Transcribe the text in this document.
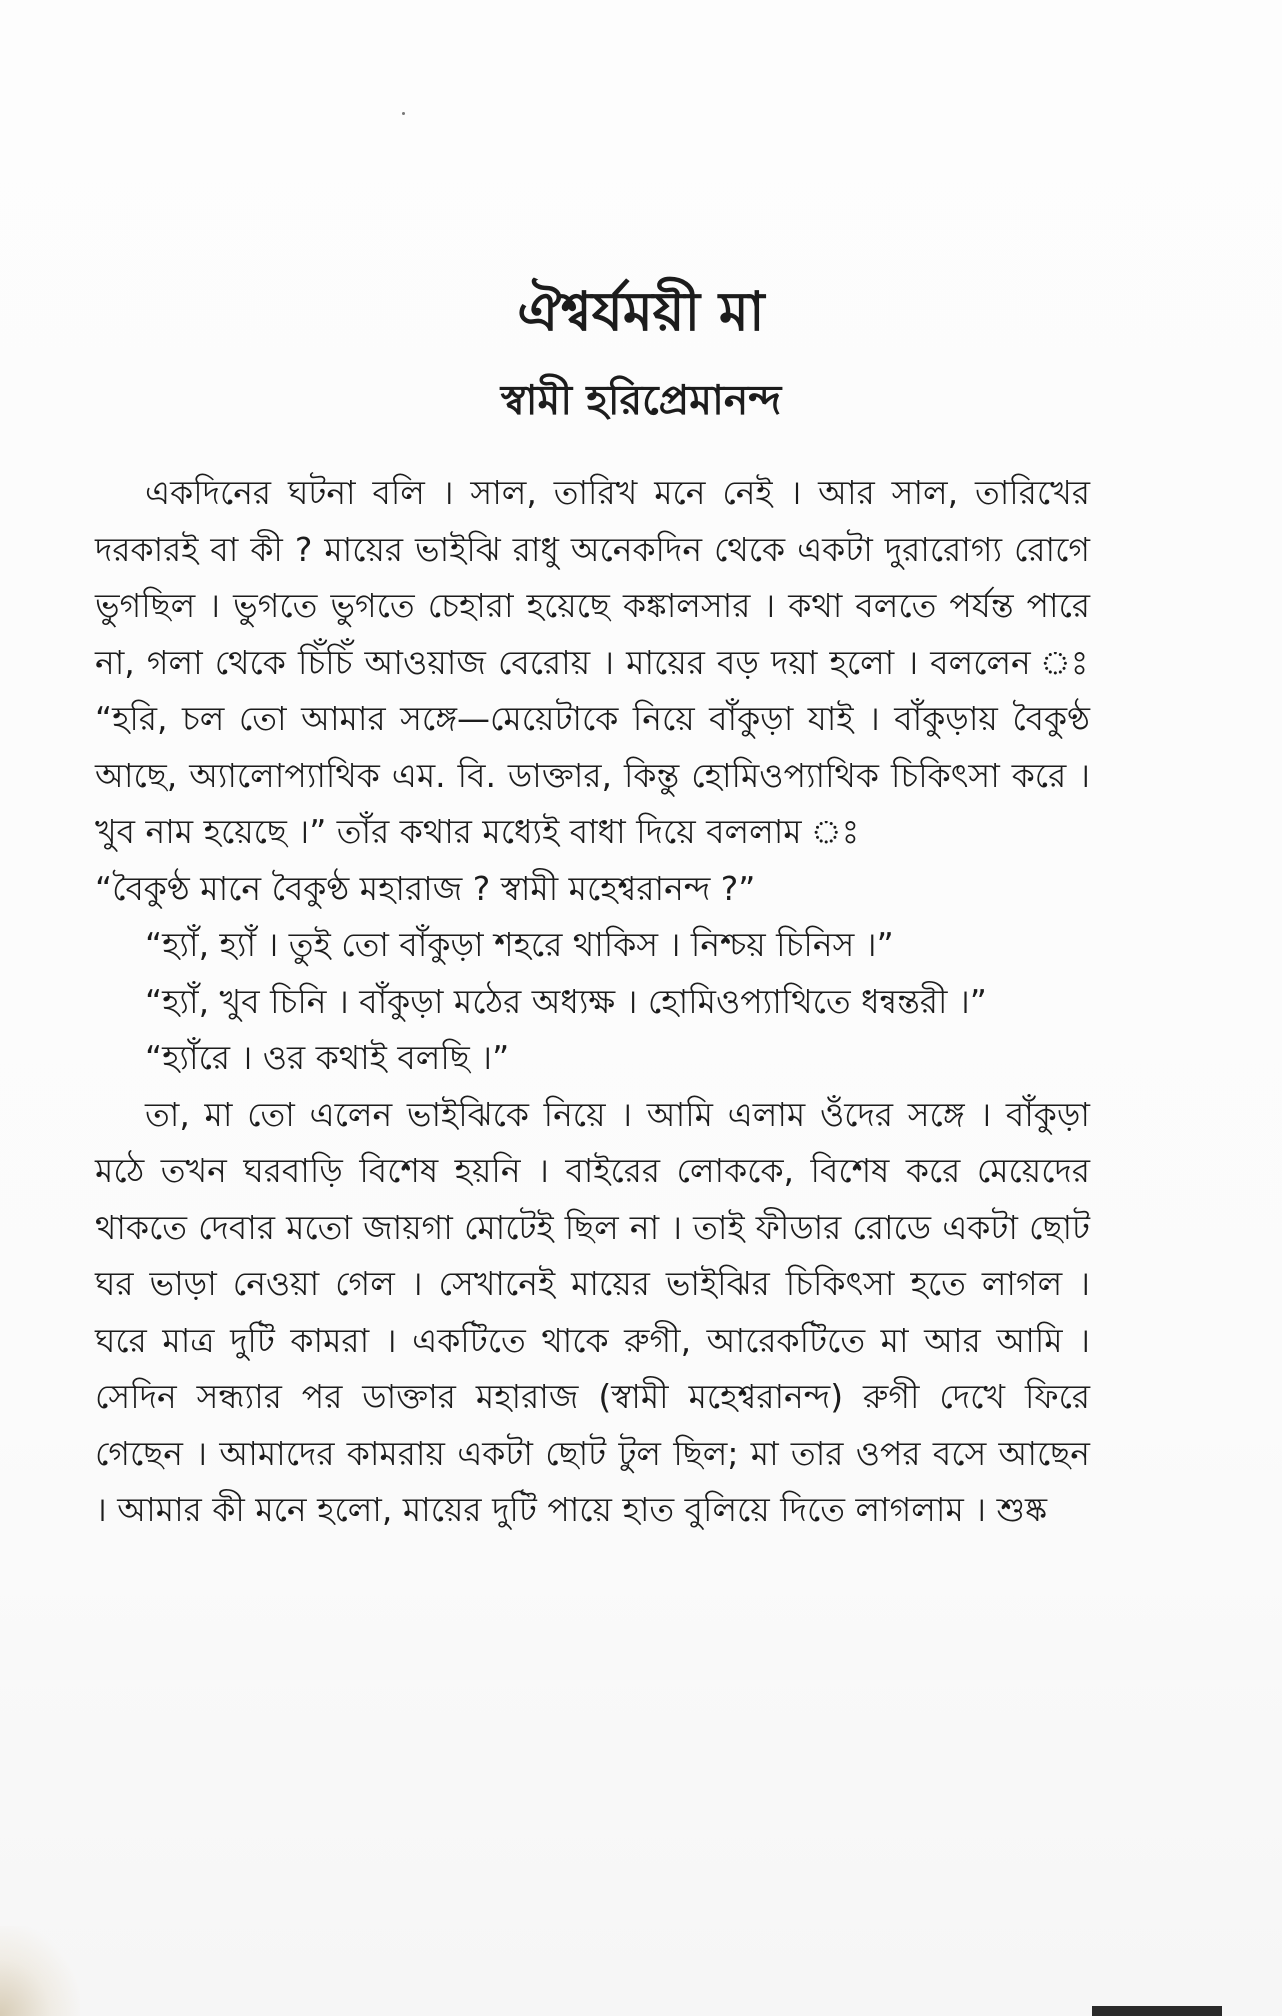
ঐশ্বর্যময়ী মা
স্বামী হরিপ্রেমানন্দ

একদিনের ঘটনা বলি । সাল, তারিখ মনে নেই । আর সাল, তারিখের দরকারই বা কী ? মায়ের ভাইঝি রাধু অনেকদিন থেকে একটা দুরারোগ্য রোগে ভুগছিল । ভুগতে ভুগতে চেহারা হয়েছে কঙ্কালসার । কথা বলতে পর্যন্ত পারে না, গলা থেকে চিঁচিঁ আওয়াজ বেরোয় । মায়ের বড় দয়া হলো । বললেন ঃ “হরি, চল তো আমার সঙ্গে—মেয়েটাকে নিয়ে বাঁকুড়া যাই । বাঁকুড়ায় বৈকুণ্ঠ আছে, অ্যালোপ্যাথিক এম. বি. ডাক্তার, কিন্তু হোমিওপ্যাথিক চিকিৎসা করে । খুব নাম হয়েছে ।” তাঁর কথার মধ্যেই বাধা দিয়ে বললাম ঃ

“বৈকুণ্ঠ মানে বৈকুণ্ঠ মহারাজ ? স্বামী মহেশ্বরানন্দ ?”

“হ্যাঁ, হ্যাঁ । তুই তো বাঁকুড়া শহরে থাকিস । নিশ্চয় চিনিস ।”

“হ্যাঁ, খুব চিনি । বাঁকুড়া মঠের অধ্যক্ষ । হোমিওপ্যাথিতে ধন্বন্তরী ।”

“হ্যাঁরে । ওর কথাই বলছি ।”

তা, মা তো এলেন ভাইঝিকে নিয়ে । আমি এলাম ওঁদের সঙ্গে । বাঁকুড়া মঠে তখন ঘরবাড়ি বিশেষ হয়নি । বাইরের লোককে, বিশেষ করে মেয়েদের থাকতে দেবার মতো জায়গা মোটেই ছিল না । তাই ফীডার রোডে একটা ছোট ঘর ভাড়া নেওয়া গেল । সেখানেই মায়ের ভাইঝির চিকিৎসা হতে লাগল । ঘরে মাত্র দুটি কামরা । একটিতে থাকে রুগী, আরেকটিতে মা আর আমি । সেদিন সন্ধ্যার পর ডাক্তার মহারাজ (স্বামী মহেশ্বরানন্দ) রুগী দেখে ফিরে গেছেন । আমাদের কামরায় একটা ছোট টুল ছিল; মা তার ওপর বসে আছেন । আমার কী মনে হলো, মায়ের দুটি পায়ে হাত বুলিয়ে দিতে লাগলাম । শুষ্ক
